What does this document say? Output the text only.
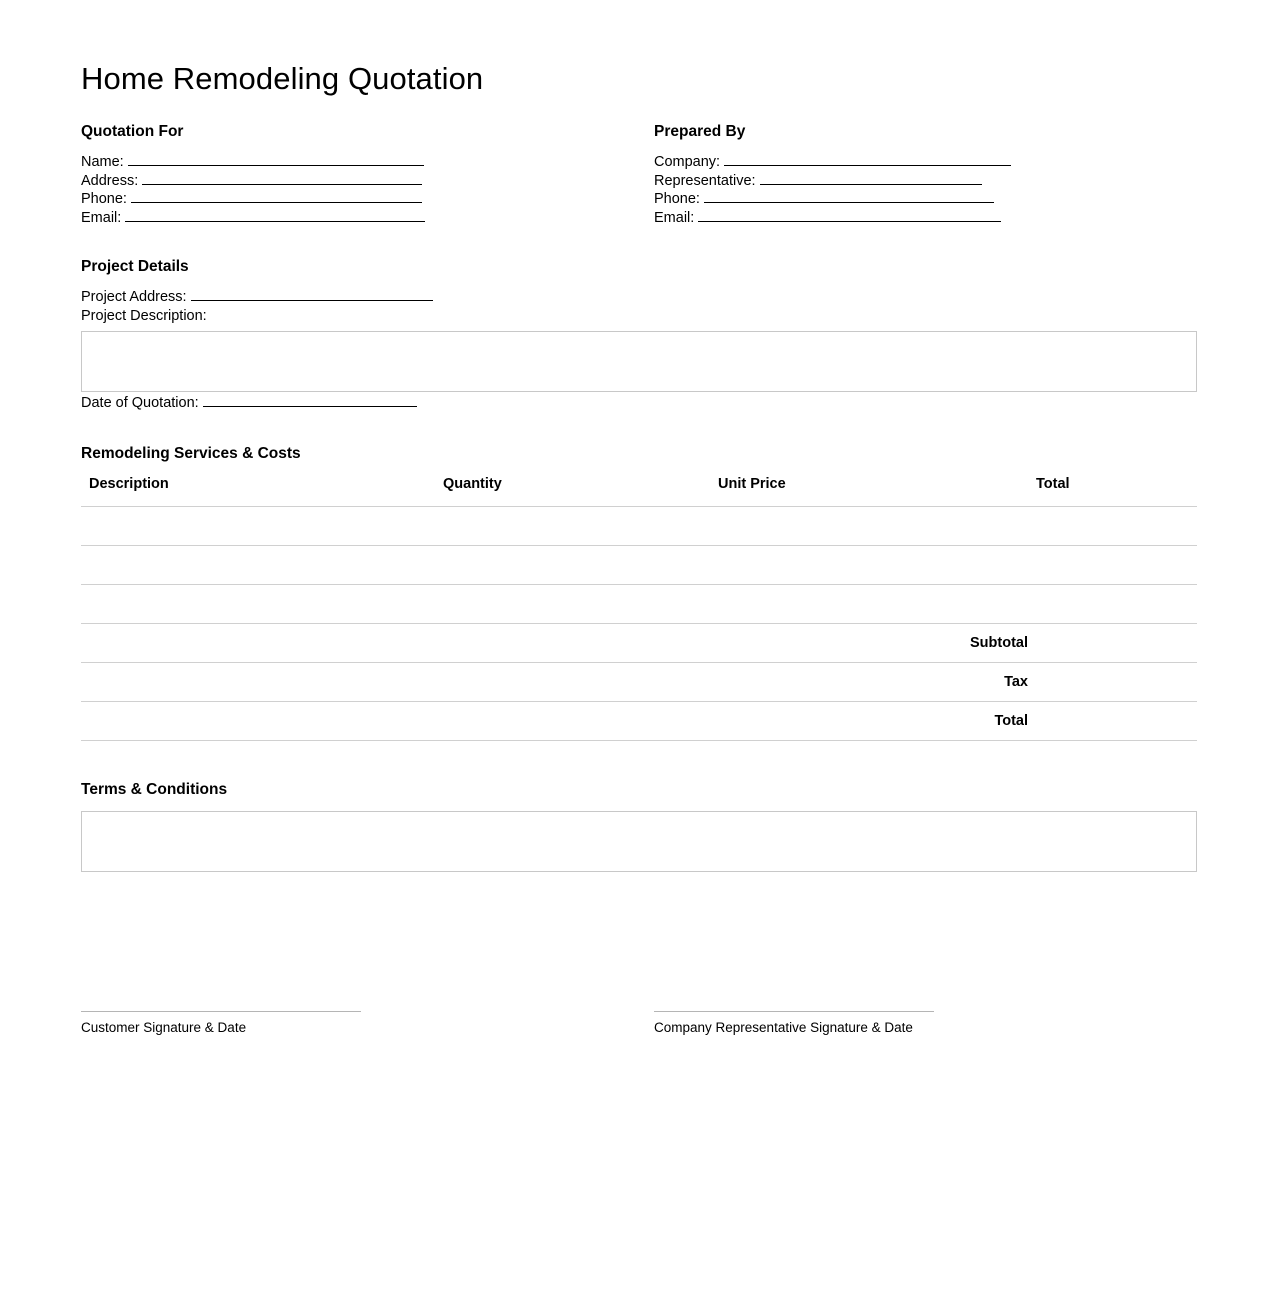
Home Remodeling Quotation
Quotation For
Name:
Address:
Phone:
Email:
Prepared By
Company:
Representative:
Phone:
Email:
Project Details
Project Address:
Project Description:
Date of Quotation:
Remodeling Services & Costs
Description	Quantity	Unit Price	Total

		Subtotal	
		Tax	
		Total	
Terms & Conditions
Customer Signature & Date	Company Representative Signature & Date
